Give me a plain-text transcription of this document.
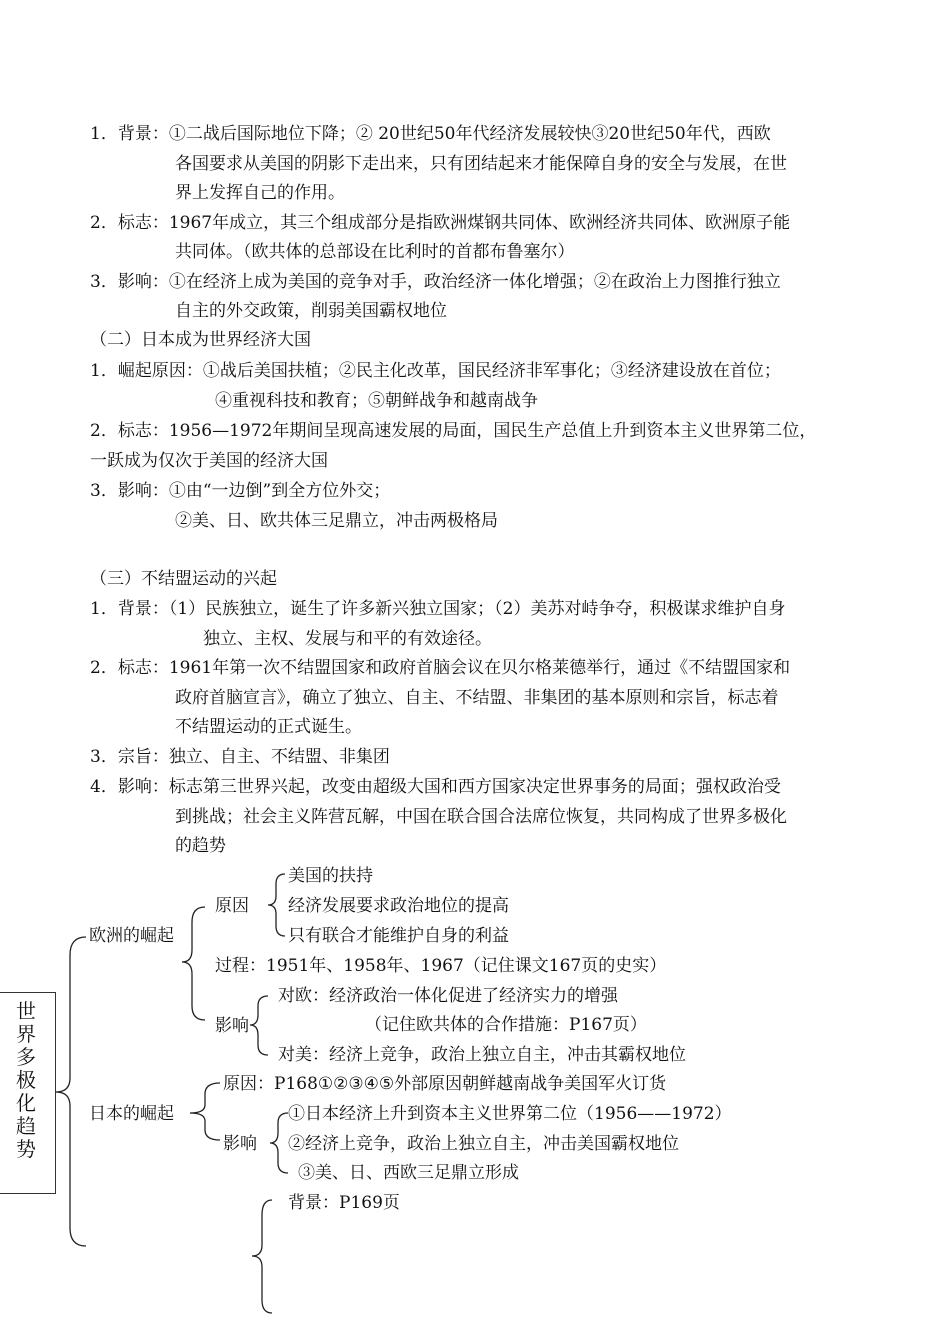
1．背景：①二战后国际地位下降；② 20世纪50年代经济发展较快③20世纪50年代，西欧
各国要求从美国的阴影下走出来，只有团结起来才能保障自身的安全与发展，在世
界上发挥自己的作用。
2．标志：1967年成立，其三个组成部分是指欧洲煤钢共同体、欧洲经济共同体、欧洲原子能
共同体。（欧共体的总部设在比利时的首都布鲁塞尔）
3．影响：①在经济上成为美国的竞争对手，政治经济一体化增强；②在政治上力图推行独立
自主的外交政策，削弱美国霸权地位
（二）日本成为世界经济大国
1．崛起原因：①战后美国扶植；②民主化改革，国民经济非军事化；③经济建设放在首位；
④重视科技和教育；⑤朝鲜战争和越南战争
2．标志：1956—1972年期间呈现高速发展的局面，国民生产总值上升到资本主义世界第二位，
一跃成为仅次于美国的经济大国
3．影响：①由“一边倒”到全方位外交；
②美、日、欧共体三足鼎立，冲击两极格局
（三）不结盟运动的兴起
1．背景：（1）民族独立，诞生了许多新兴独立国家；（2）美苏对峙争夺，积极谋求维护自身
独立、主权、发展与和平的有效途径。
2．标志：1961年第一次不结盟国家和政府首脑会议在贝尔格莱德举行，通过《不结盟国家和
政府首脑宣言》，确立了独立、自主、不结盟、非集团的基本原则和宗旨，标志着
不结盟运动的正式诞生。
3．宗旨：独立、自主、不结盟、非集团
4．影响：标志第三世界兴起，改变由超级大国和西方国家决定世界事务的局面；强权政治受
到挑战；社会主义阵营瓦解，中国在联合国合法席位恢复，共同构成了世界多极化
的趋势
世界多极化趋势
欧洲的崛起
原因
美国的扶持
经济发展要求政治地位的提高
只有联合才能维护自身的利益
过程：1951年、1958年、1967（记住课文167页的史实）
影响
对欧：经济政治一体化促进了经济实力的增强
（记住欧共体的合作措施：P167页）
对美：经济上竞争，政治上独立自主，冲击其霸权地位
日本的崛起
原因：P168①②③④⑤外部原因朝鲜越南战争美国军火订货
影响
①日本经济上升到资本主义世界第二位（1956——1972）
②经济上竞争，政治上独立自主，冲击美国霸权地位
③美、日、西欧三足鼎立形成
背景：P169页
